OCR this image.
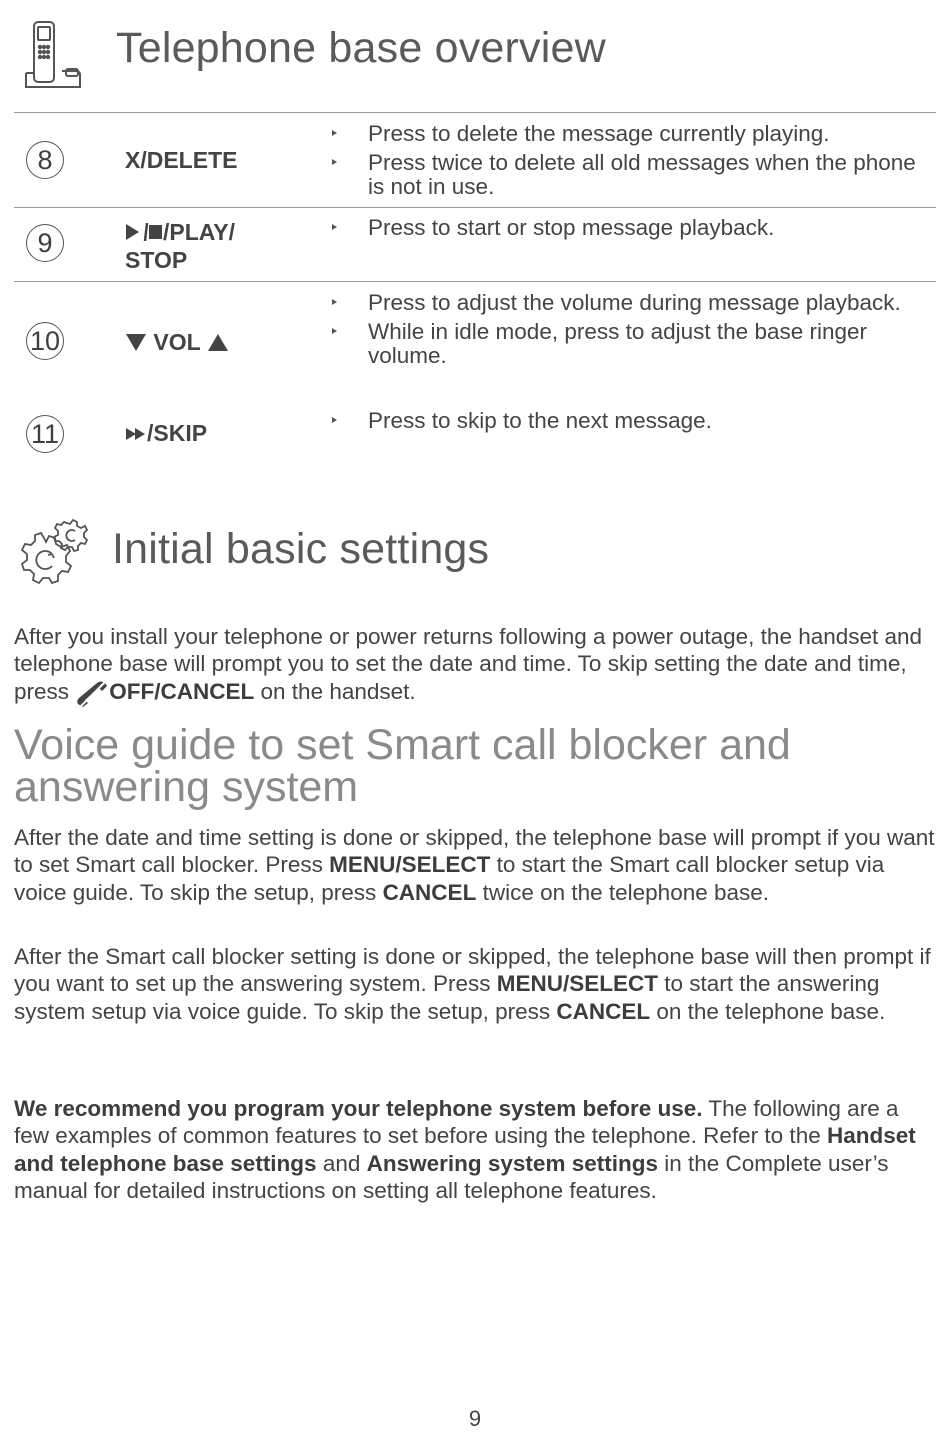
Telephone base overview
8	X/DELETE
Press to delete the message currently playing.
Press twice to delete all old messages when the phone is not in use.
9	/PLAY/
STOP
Press to start or stop message playback.
10	VOL
Press to adjust the volume during message playback.
While in idle mode, press to adjust the base ringer volume.
11	/SKIP	Press to skip to the next message.
Initial basic settings
After you install your telephone or power returns following a power outage, the handset and telephone base will prompt you to set the date and time. To skip setting the date and time, press OFF/CANCEL on the handset.
Voice guide to set Smart call blocker and answering system
After the date and time setting is done or skipped, the telephone base will prompt if you want to set Smart call blocker. Press MENU/SELECT to start the Smart call blocker setup via voice guide. To skip the setup, press CANCEL twice on the telephone base.
After the Smart call blocker setting is done or skipped, the telephone base will then prompt if you want to set up the answering system. Press MENU/SELECT to start the answering system setup via voice guide. To skip the setup, press CANCEL on the telephone base.
We recommend you program your telephone system before use. The following are a few examples of common features to set before using the telephone. Refer to the Handset and telephone base settings and Answering system settings in the Complete user’s manual for detailed instructions on setting all telephone features.
9
